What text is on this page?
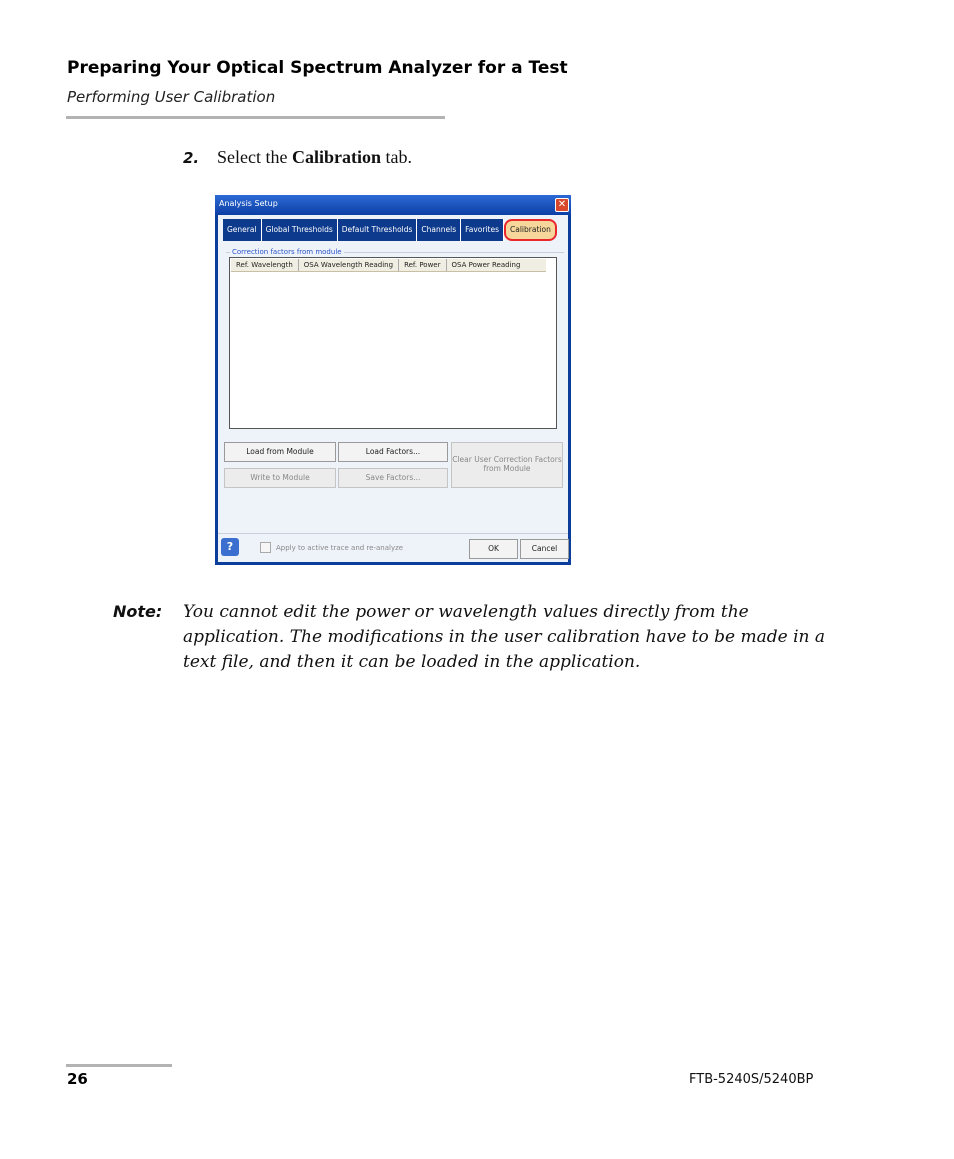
Preparing Your Optical Spectrum Analyzer for a Test
Performing User Calibration
2. Select the Calibration tab.
Analysis Setup	✕
General	Global Thresholds	Default Thresholds	Channels	Favorites	Calibration
Correction factors from module
Ref. Wavelength	OSA Wavelength Reading	Ref. Power	OSA Power Reading
Load from Module	Load Factors...
Write to Module	Save Factors...
Clear User Correction Factors
from Module
?	Apply to active trace and re-analyze	OK	Cancel
Note: You cannot edit the power or wavelength values directly from the application. The modifications in the user calibration have to be made in a text file, and then it can be loaded in the application.
26	FTB-5240S/5240BP
